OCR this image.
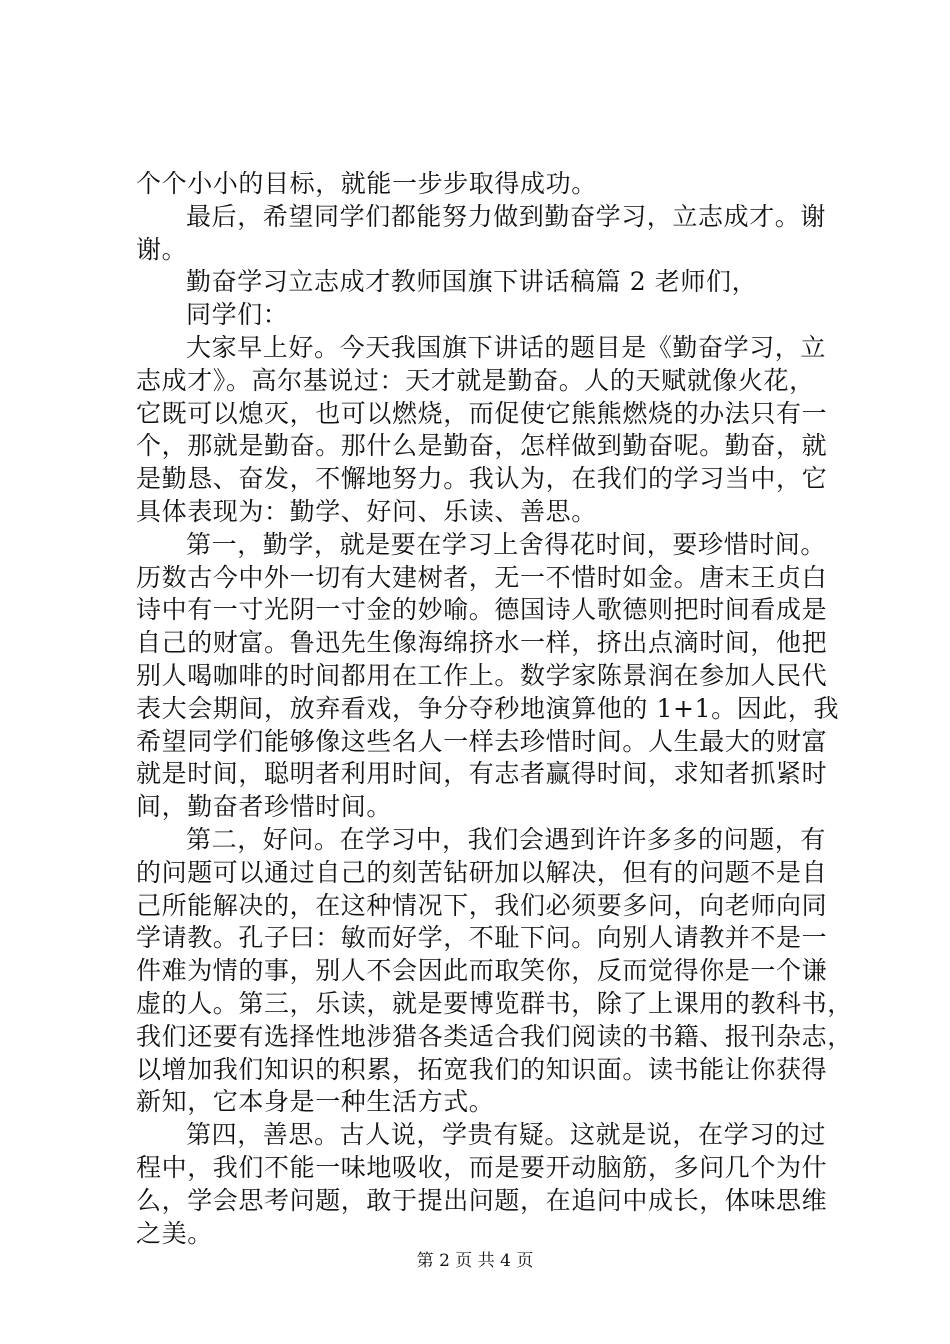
个个小小的目标，就能一步步取得成功。
最后，希望同学们都能努力做到勤奋学习，立志成才。谢
谢。
勤奋学习立志成才教师国旗下讲话稿篇 2 老师们，
同学们：
大家早上好。今天我国旗下讲话的题目是《勤奋学习，立
志成才》。高尔基说过：天才就是勤奋。人的天赋就像火花，
它既可以熄灭，也可以燃烧，而促使它熊熊燃烧的办法只有一
个，那就是勤奋。那什么是勤奋，怎样做到勤奋呢。勤奋，就
是勤恳、奋发，不懈地努力。我认为，在我们的学习当中，它
具体表现为：勤学、好问、乐读、善思。
第一，勤学，就是要在学习上舍得花时间，要珍惜时间。
历数古今中外一切有大建树者，无一不惜时如金。唐末王贞白
诗中有一寸光阴一寸金的妙喻。德国诗人歌德则把时间看成是
自己的财富。鲁迅先生像海绵挤水一样，挤出点滴时间，他把
别人喝咖啡的时间都用在工作上。数学家陈景润在参加人民代
表大会期间，放弃看戏，争分夺秒地演算他的 1+1。因此，我
希望同学们能够像这些名人一样去珍惜时间。人生最大的财富
就是时间，聪明者利用时间，有志者赢得时间，求知者抓紧时
间，勤奋者珍惜时间。
第二，好问。在学习中，我们会遇到许许多多的问题，有
的问题可以通过自己的刻苦钻研加以解决，但有的问题不是自
己所能解决的，在这种情况下，我们必须要多问，向老师向同
学请教。孔子曰：敏而好学，不耻下问。向别人请教并不是一
件难为情的事，别人不会因此而取笑你，反而觉得你是一个谦
虚的人。第三，乐读，就是要博览群书，除了上课用的教科书，
我们还要有选择性地涉猎各类适合我们阅读的书籍、报刊杂志，
以增加我们知识的积累，拓宽我们的知识面。读书能让你获得
新知，它本身是一种生活方式。
第四，善思。古人说，学贵有疑。这就是说，在学习的过
程中，我们不能一味地吸收，而是要开动脑筋，多问几个为什
么，学会思考问题，敢于提出问题，在追问中成长，体味思维
之美。
第 2 页 共 4 页
